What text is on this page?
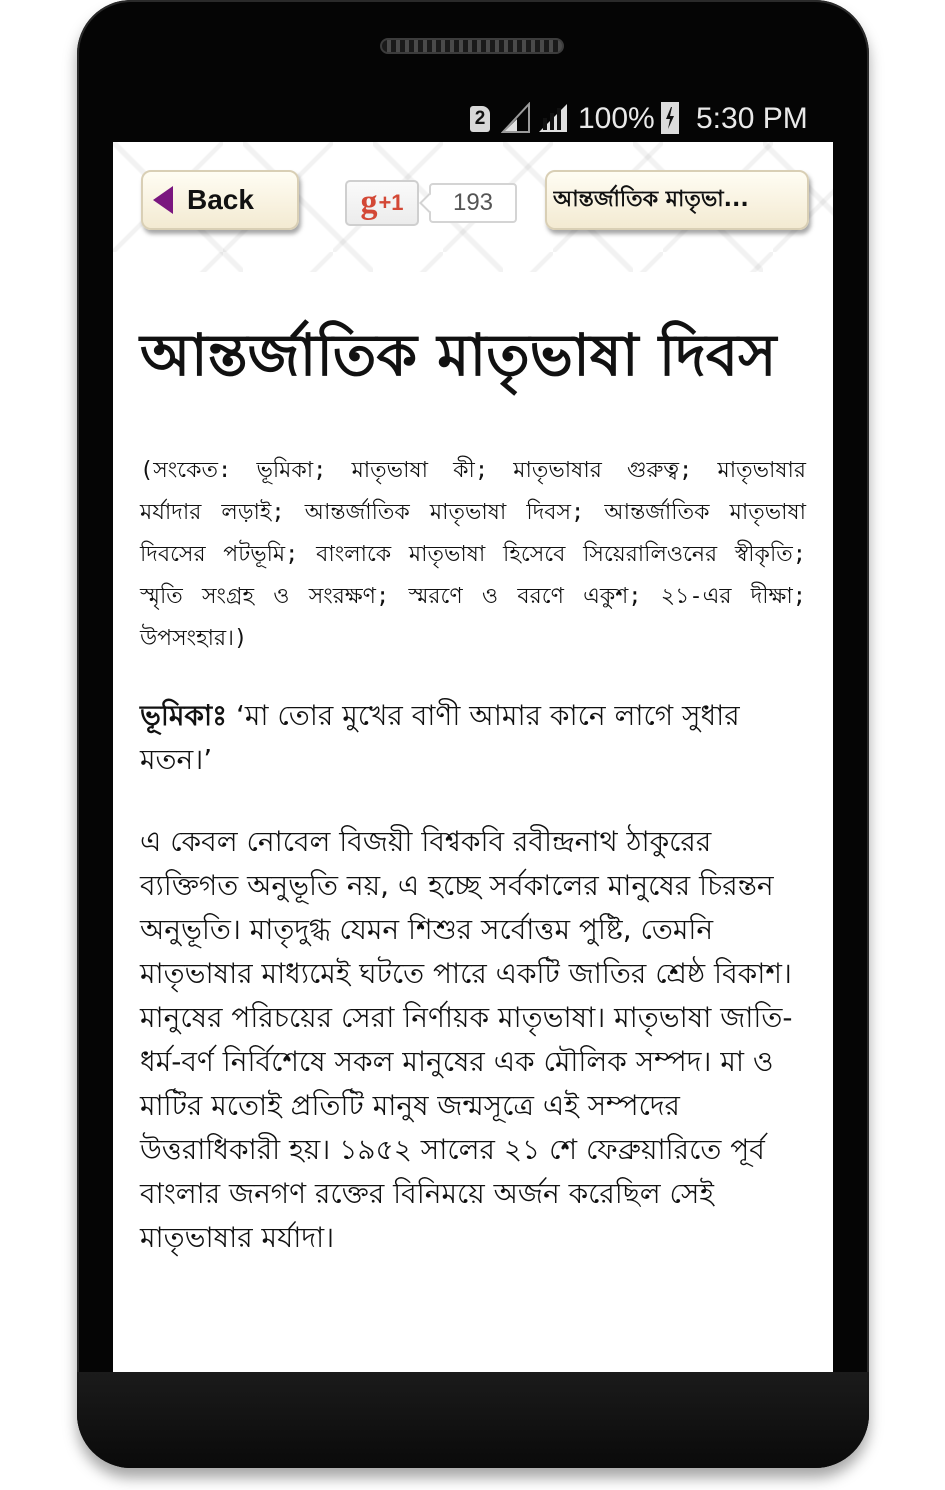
2	100% 5:30 PM
Back	g +1	193	আন্তর্জাতিক মাতৃভা...
আন্তর্জাতিক মাতৃভাষা দিবস

(সংকেত: ভূমিকা; মাতৃভাষা কী; মাতৃভাষার গুরুত্ব; মাতৃভাষার মর্যাদার লড়াই; আন্তর্জাতিক মাতৃভাষা দিবস; আন্তর্জাতিক মাতৃভাষা দিবসের পটভূমি; বাংলাকে মাতৃভাষা হিসেবে সিয়েরালিওনের স্বীকৃতি; স্মৃতি সংগ্রহ ও সংরক্ষণ; স্মরণে ও বরণে একুশ; ২১-এর দীক্ষা; উপসংহার।)

ভূমিকাঃ ‘মা তোর মুখের বাণী আমার কানে লাগে সুধার মতন।’

এ কেবল নোবেল বিজয়ী বিশ্বকবি রবীন্দ্রনাথ ঠাকুরের ব্যক্তিগত অনুভূতি নয়, এ হচ্ছে সর্বকালের মানুষের চিরন্তন অনুভূতি। মাতৃদুগ্ধ যেমন শিশুর সর্বোত্তম পুষ্টি, তেমনি মাতৃভাষার মাধ্যমেই ঘটতে পারে একটি জাতির শ্রেষ্ঠ বিকাশ। মানুষের পরিচয়ের সেরা নির্ণায়ক মাতৃভাষা। মাতৃভাষা জাতি-ধর্ম-বর্ণ নির্বিশেষে সকল মানুষের এক মৌলিক সম্পদ। মা ও মাটির মতোই প্রতিটি মানুষ জন্মসূত্রে এই সম্পদের উত্তরাধিকারী হয়। ১৯৫২ সালের ২১ শে ফেব্রুয়ারিতে পূর্ব বাংলার জনগণ রক্তের বিনিময়ে অর্জন করেছিল সেই মাতৃভাষার মর্যাদা।
